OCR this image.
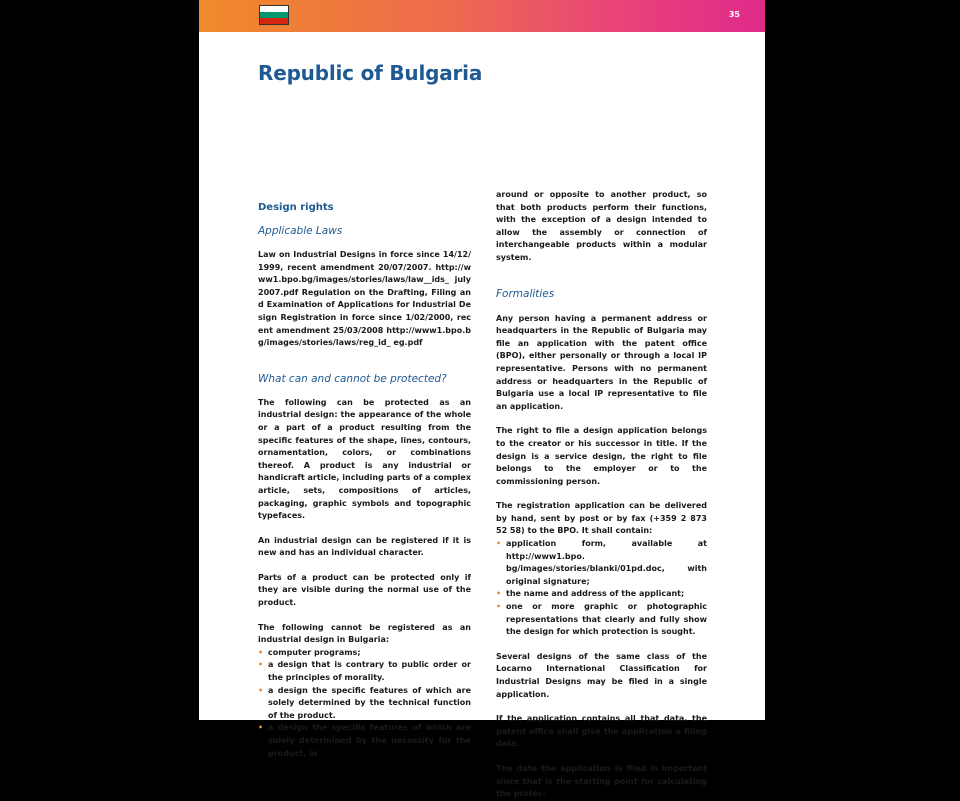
35
Republic of Bulgaria
Design rights
Applicable Laws

Law on Industrial Designs in force since 14/12/1999, recent amendment 20/07/2007. http://www1.bpo.bg/images/stories/laws/law__ids_ july2007.pdf Regulation on the Drafting, Filing and Examination of Applications for Industrial Design Registration in force since 1/02/2000, recent amendment 25/03/2008 http://www1.bpo.bg/images/stories/laws/reg_id_ eg.pdf

What can and cannot be protected?

The following can be protected as an industrial design: the appearance of the whole or a part of a product resulting from the specific features of the shape, lines, contours, ornamentation, colors, or combinations thereof. A product is any industrial or handicraft article, including parts of a complex article, sets, compositions of articles, packaging, graphic symbols and topographic typefaces.

An industrial design can be registered if it is new and has an individual character.

Parts of a product can be protected only if they are visible during the normal use of the product.

The following cannot be registered as an industrial design in Bulgaria:

• computer programs;
• a design that is contrary to public order or the principles of morality.
• a design the specific features of which are solely determined by the technical function of the product.
• a design the specific features of which are solely determined by the necessity for the product, in

around or opposite to another product, so that both products perform their functions, with the exception of a design intended to allow the assembly or connection of interchangeable products within a modular system.

Formalities

Any person having a permanent address or headquarters in the Republic of Bulgaria may file an application with the patent office (BPO), either personally or through a local IP representative. Persons with no permanent address or headquarters in the Republic of Bulgaria use a local IP representative to file an application.

The right to file a design application belongs to the creator or his successor in title. If the design is a service design, the right to file belongs to the employer or to the commissioning person.

The registration application can be delivered by hand, sent by post or by fax (+359 2 873 52 58) to the BPO. It shall contain:

• application form, available at http://www1.bpo. bg/images/stories/blanki/01pd.doc, with original signature;
• the name and address of the applicant;
• one or more graphic or photographic representations that clearly and fully show the design for which protection is sought.

Several designs of the same class of the Locarno International Classification for Industrial Designs may be filed in a single application.

If the application contains all that data, the patent office shall give the application a filing date.

The date the application is filed is important since that is the starting point for calculating the protec-
